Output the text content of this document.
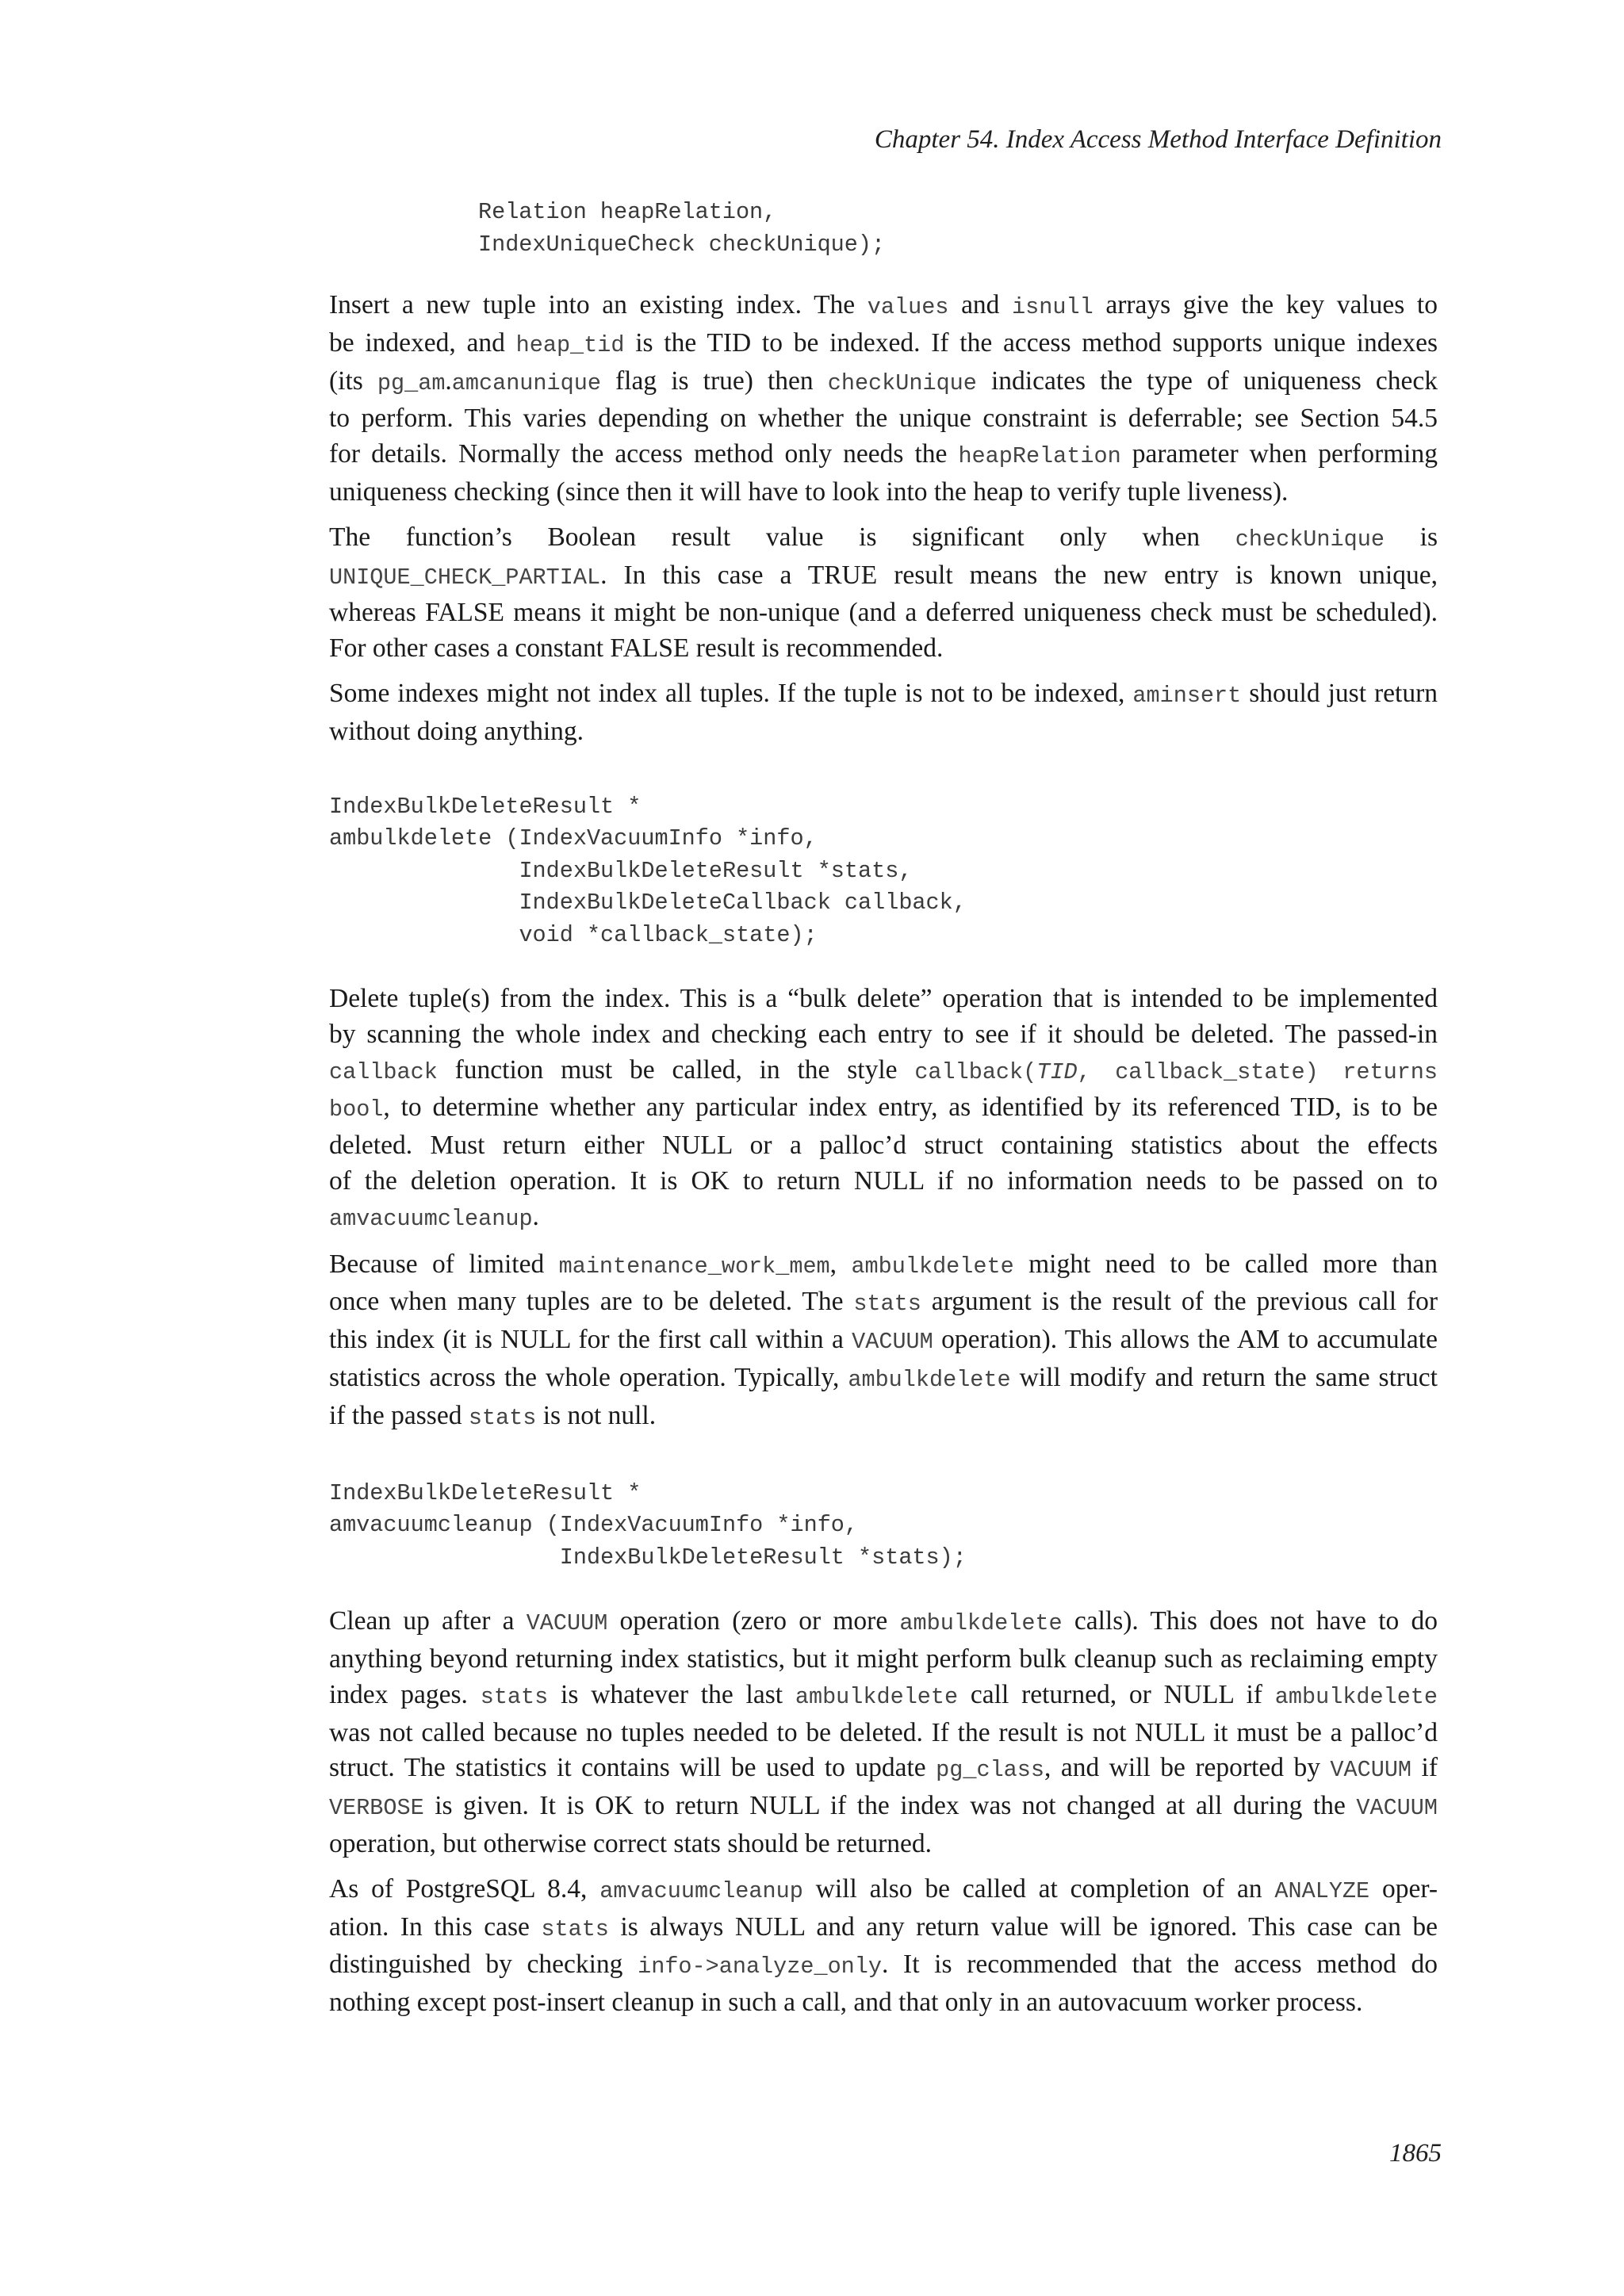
Chapter 54. Index Access Method Interface Definition
Relation heapRelation,
IndexUniqueCheck checkUnique);
Insert a new tuple into an existing index. The values and isnull arrays give the key values to
be indexed, and heap_tid is the TID to be indexed. If the access method supports unique indexes
(its pg_am.amcanunique flag is true) then checkUnique indicates the type of uniqueness check
to perform. This varies depending on whether the unique constraint is deferrable; see Section 54.5
for details. Normally the access method only needs the heapRelation parameter when performing
uniqueness checking (since then it will have to look into the heap to verify tuple liveness).
The function’s Boolean result value is significant only when checkUnique is
UNIQUE_CHECK_PARTIAL. In this case a TRUE result means the new entry is known unique,
whereas FALSE means it might be non-unique (and a deferred uniqueness check must be scheduled).
For other cases a constant FALSE result is recommended.
Some indexes might not index all tuples. If the tuple is not to be indexed, aminsert should just return
without doing anything.
IndexBulkDeleteResult *
ambulkdelete (IndexVacuumInfo *info,
IndexBulkDeleteResult *stats,
IndexBulkDeleteCallback callback,
void *callback_state);
Delete tuple(s) from the index. This is a “bulk delete” operation that is intended to be implemented
by scanning the whole index and checking each entry to see if it should be deleted. The passed-in
callback function must be called, in the style callback(TID, callback_state) returns
bool, to determine whether any particular index entry, as identified by its referenced TID, is to be
deleted. Must return either NULL or a palloc’d struct containing statistics about the effects
of the deletion operation. It is OK to return NULL if no information needs to be passed on to
amvacuumcleanup.
Because of limited maintenance_work_mem, ambulkdelete might need to be called more than
once when many tuples are to be deleted. The stats argument is the result of the previous call for
this index (it is NULL for the first call within a VACUUM operation). This allows the AM to accumulate
statistics across the whole operation. Typically, ambulkdelete will modify and return the same struct
if the passed stats is not null.
IndexBulkDeleteResult *
amvacuumcleanup (IndexVacuumInfo *info,
IndexBulkDeleteResult *stats);
Clean up after a VACUUM operation (zero or more ambulkdelete calls). This does not have to do
anything beyond returning index statistics, but it might perform bulk cleanup such as reclaiming empty
index pages. stats is whatever the last ambulkdelete call returned, or NULL if ambulkdelete
was not called because no tuples needed to be deleted. If the result is not NULL it must be a palloc’d
struct. The statistics it contains will be used to update pg_class, and will be reported by VACUUM if
VERBOSE is given. It is OK to return NULL if the index was not changed at all during the VACUUM
operation, but otherwise correct stats should be returned.
As of PostgreSQL 8.4, amvacuumcleanup will also be called at completion of an ANALYZE oper-
ation. In this case stats is always NULL and any return value will be ignored. This case can be
distinguished by checking info->analyze_only. It is recommended that the access method do
nothing except post-insert cleanup in such a call, and that only in an autovacuum worker process.
1865
